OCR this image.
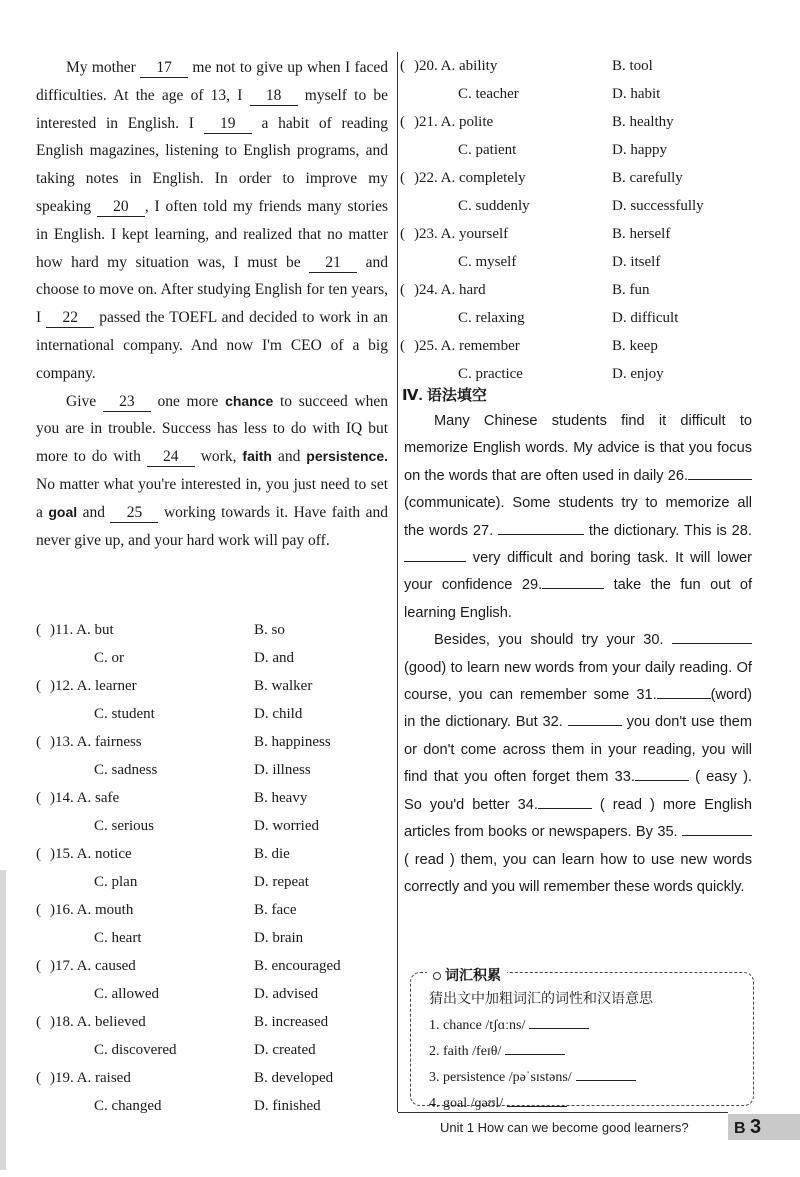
My mother 17 me not to give up when I faced difficulties. At the age of 13, I 18 myself to be interested in English. I 19 a habit of reading English magazines, listening to English programs, and taking notes in English. In order to improve my speaking 20 , I often told my friends many stories in English. I kept learning, and realized that no matter how hard my situation was, I must be 21 and choose to move on. After studying English for ten years, I 22 passed the TOEFL and decided to work in an international company. And now I'm CEO of a big company.

Give 23 one more chance to succeed when you are in trouble. Success has less to do with IQ but more to do with 24 work, faith and persistence. No matter what you're interested in, you just need to set a goal and 25 working towards it. Have faith and never give up, and your hard work will pay off.

( )11. A. but	B. so
C. or	D. and
( )12. A. learner	B. walker
C. student	D. child
( )13. A. fairness	B. happiness
C. sadness	D. illness
( )14. A. safe	B. heavy
C. serious	D. worried
( )15. A. notice	B. die
C. plan	D. repeat
( )16. A. mouth	B. face
C. heart	D. brain
( )17. A. caused	B. encouraged
C. allowed	D. advised
( )18. A. believed	B. increased
C. discovered	D. created
( )19. A. raised	B. developed
C. changed	D. finished
( )20. A. ability	B. tool
C. teacher	D. habit
( )21. A. polite	B. healthy
C. patient	D. happy
( )22. A. completely	B. carefully
C. suddenly	D. successfully
( )23. A. yourself	B. herself
C. myself	D. itself
( )24. A. hard	B. fun
C. relaxing	D. difficult
( )25. A. remember	B. keep
C. practice	D. enjoy
Ⅳ. 语法填空

Many Chinese students find it difficult to memorize English words. My advice is that you focus on the words that are often used in daily 26.(communicate). Some students try to memorize all the words 27.	the dictionary. This is 28. very difficult and boring task. It will lower your confidence 29.	take the fun out of learning English.

Besides, you should try your 30.  (good) to learn new words from your daily reading. Of course, you can remember some 31.	(word) in the dictionary. But 32.	you don't use them or don't come across them in your reading, you will find that you often forget them 33.	( easy ). So you'd better 34.	( read ) more English articles from books or newspapers. By 35.  ( read ) them, you can learn how to use new words correctly and you will remember these words quickly.

词汇积累
猜出文中加粗词汇的词性和汉语意思
1. chance /tʃɑːns/
2. faith /feɪθ/
3. persistence /pəˈsɪstəns/
4. goal /ɡəʊl/
Unit 1 How can we become good learners?	B 3
